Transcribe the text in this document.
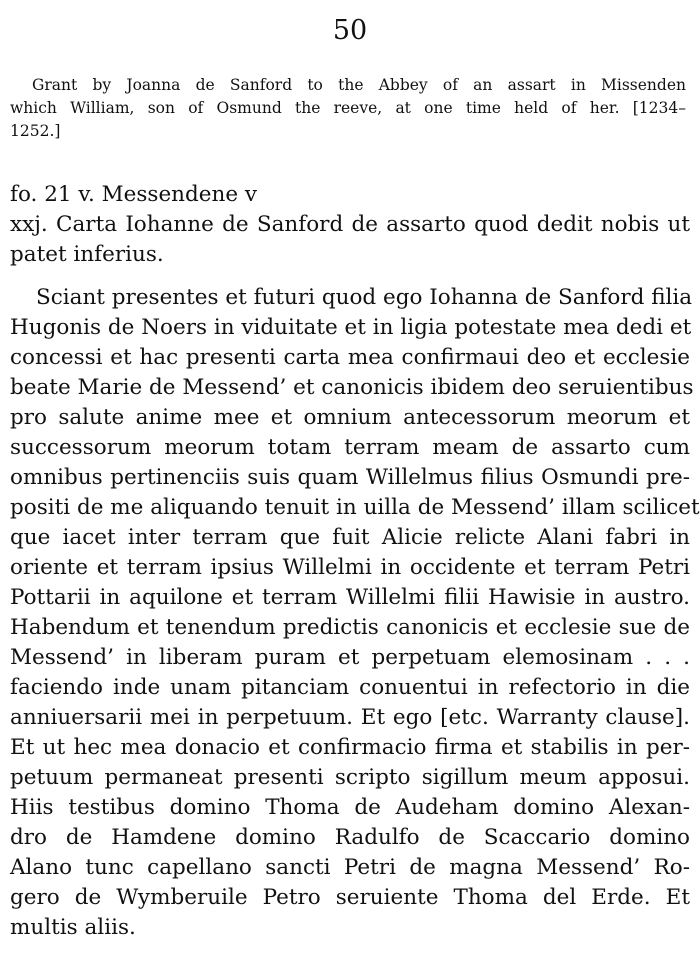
50
Grant by Joanna de Sanford to the Abbey of an assart in Missenden
which William, son of Osmund the reeve, at one time held of her. [1234–
1252.]
fo. 21 v. Messendene v
xxj. Carta Iohanne de Sanford de assarto quod dedit nobis ut
patet inferius.
Sciant presentes et futuri quod ego Iohanna de Sanford filia
Hugonis de Noers in viduitate et in ligia potestate mea dedi et
concessi et hac presenti carta mea confirmaui deo et ecclesie
beate Marie de Messend’ et canonicis ibidem deo seruientibus
pro salute anime mee et omnium antecessorum meorum et
successorum meorum totam terram meam de assarto cum
omnibus pertinenciis suis quam Willelmus filius Osmundi pre-
positi de me aliquando tenuit in uilla de Messend’ illam scilicet
que iacet inter terram que fuit Alicie relicte Alani fabri in
oriente et terram ipsius Willelmi in occidente et terram Petri
Pottarii in aquilone et terram Willelmi filii Hawisie in austro.
Habendum et tenendum predictis canonicis et ecclesie sue de
Messend’ in liberam puram et perpetuam elemosinam . . .
faciendo inde unam pitanciam conuentui in refectorio in die
anniuersarii mei in perpetuum. Et ego [etc. Warranty clause].
Et ut hec mea donacio et confirmacio firma et stabilis in per-
petuum permaneat presenti scripto sigillum meum apposui.
Hiis testibus domino Thoma de Audeham domino Alexan-
dro de Hamdene domino Radulfo de Scaccario domino
Alano tunc capellano sancti Petri de magna Messend’ Ro-
gero de Wymberuile Petro seruiente Thoma del Erde. Et
multis aliis.
